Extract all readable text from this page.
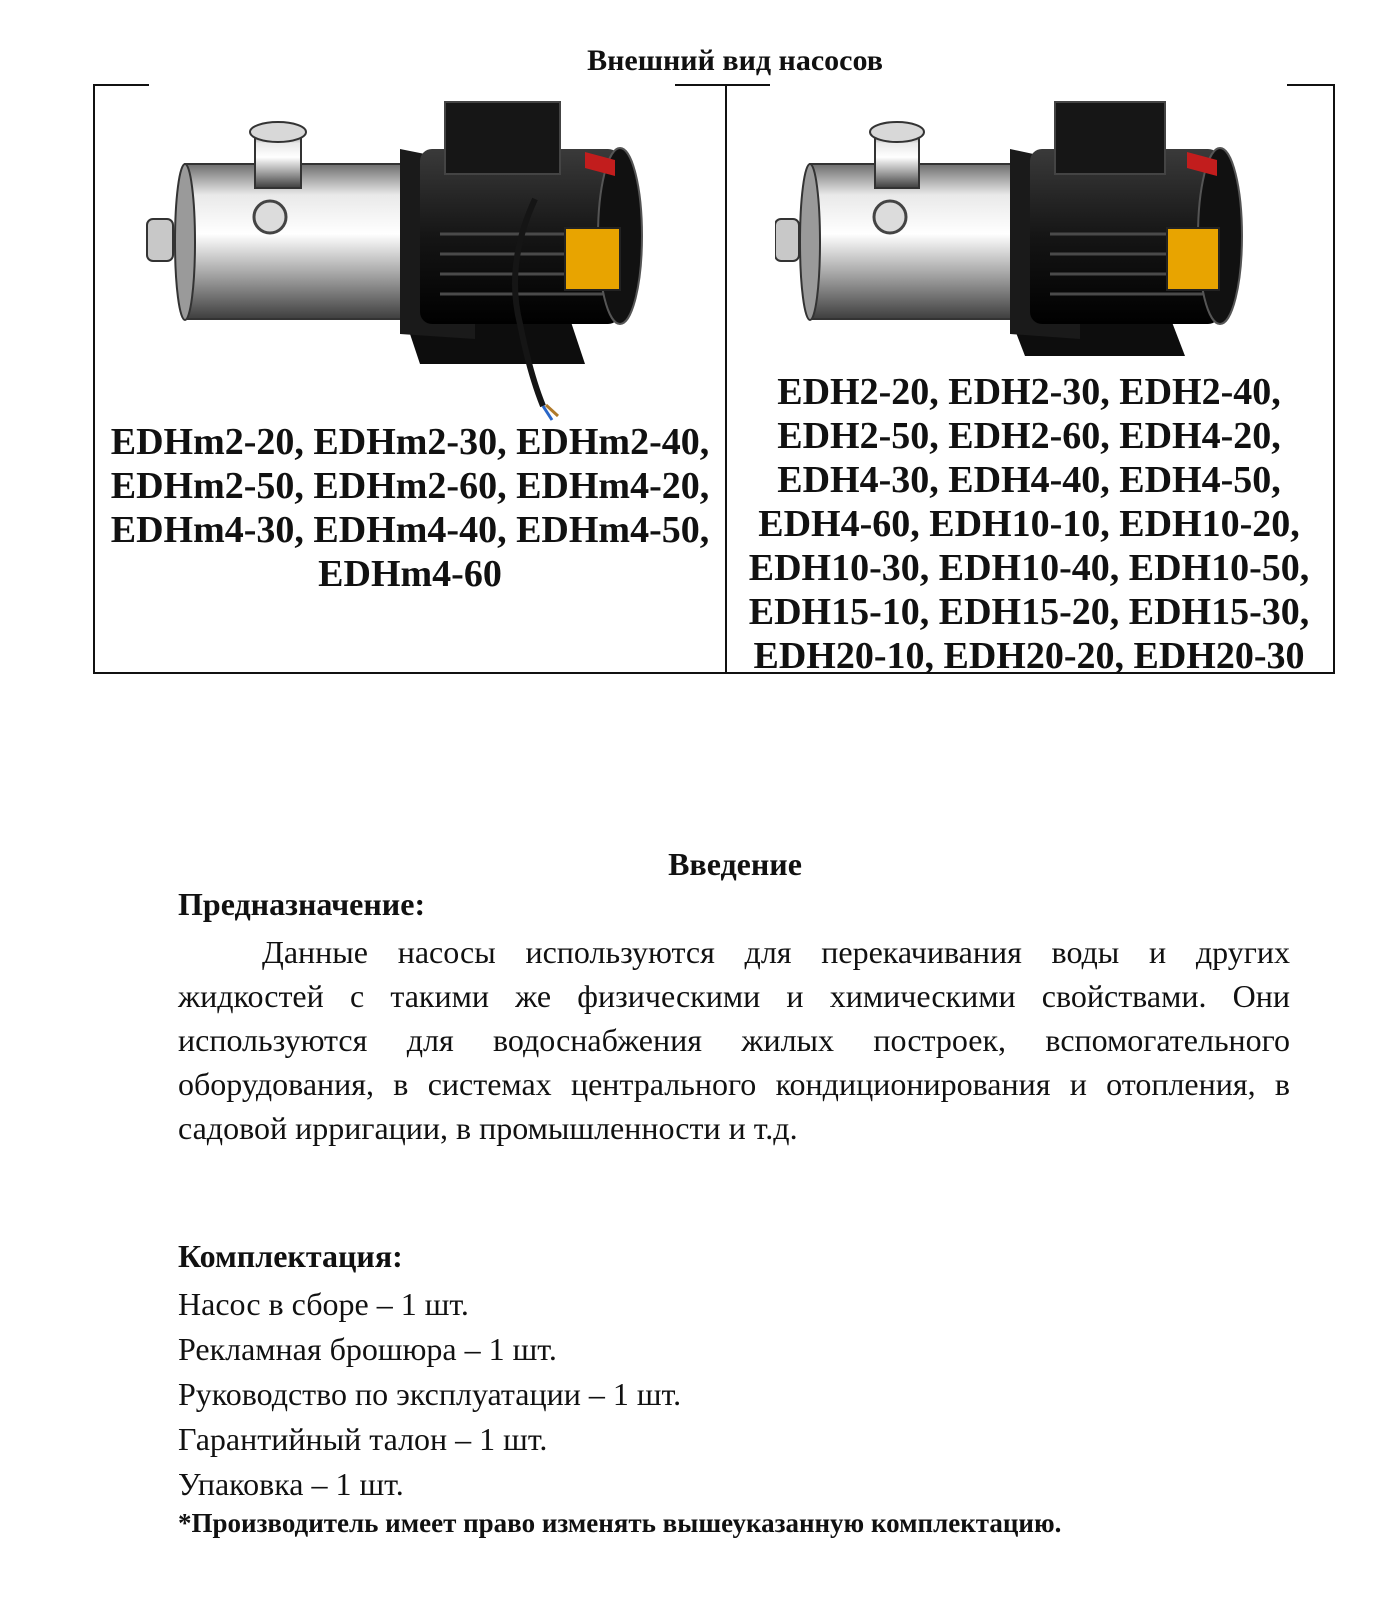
Внешний вид насосов
EDHm2-20, EDHm2-30, EDHm2-40,
EDHm2-50, EDHm2-60, EDHm4-20,
EDHm4-30, EDHm4-40, EDHm4-50,
EDHm4-60
EDH2-20, EDH2-30, EDH2-40,
EDH2-50, EDH2-60, EDH4-20,
EDH4-30, EDH4-40, EDH4-50,
EDH4-60, EDH10-10, EDH10-20,
EDH10-30, EDH10-40, EDH10-50,
EDH15-10, EDH15-20, EDH15-30,
EDH20-10, EDH20-20, EDH20-30
Введение
Предназначение:
Данные насосы используются для перекачивания воды и других жидкостей с такими же физическими и химическими свойствами. Они используются для водоснабжения жилых построек, вспомогательного оборудования, в системах центрального кондиционирования и отопления, в садовой ирригации, в промышленности и т.д.
Комплектация:
Насос в сборе – 1 шт.
Рекламная брошюра – 1 шт.
Руководство по эксплуатации – 1 шт.
Гарантийный талон – 1 шт.
Упаковка – 1 шт.
*Производитель имеет право изменять вышеуказанную комплектацию.
